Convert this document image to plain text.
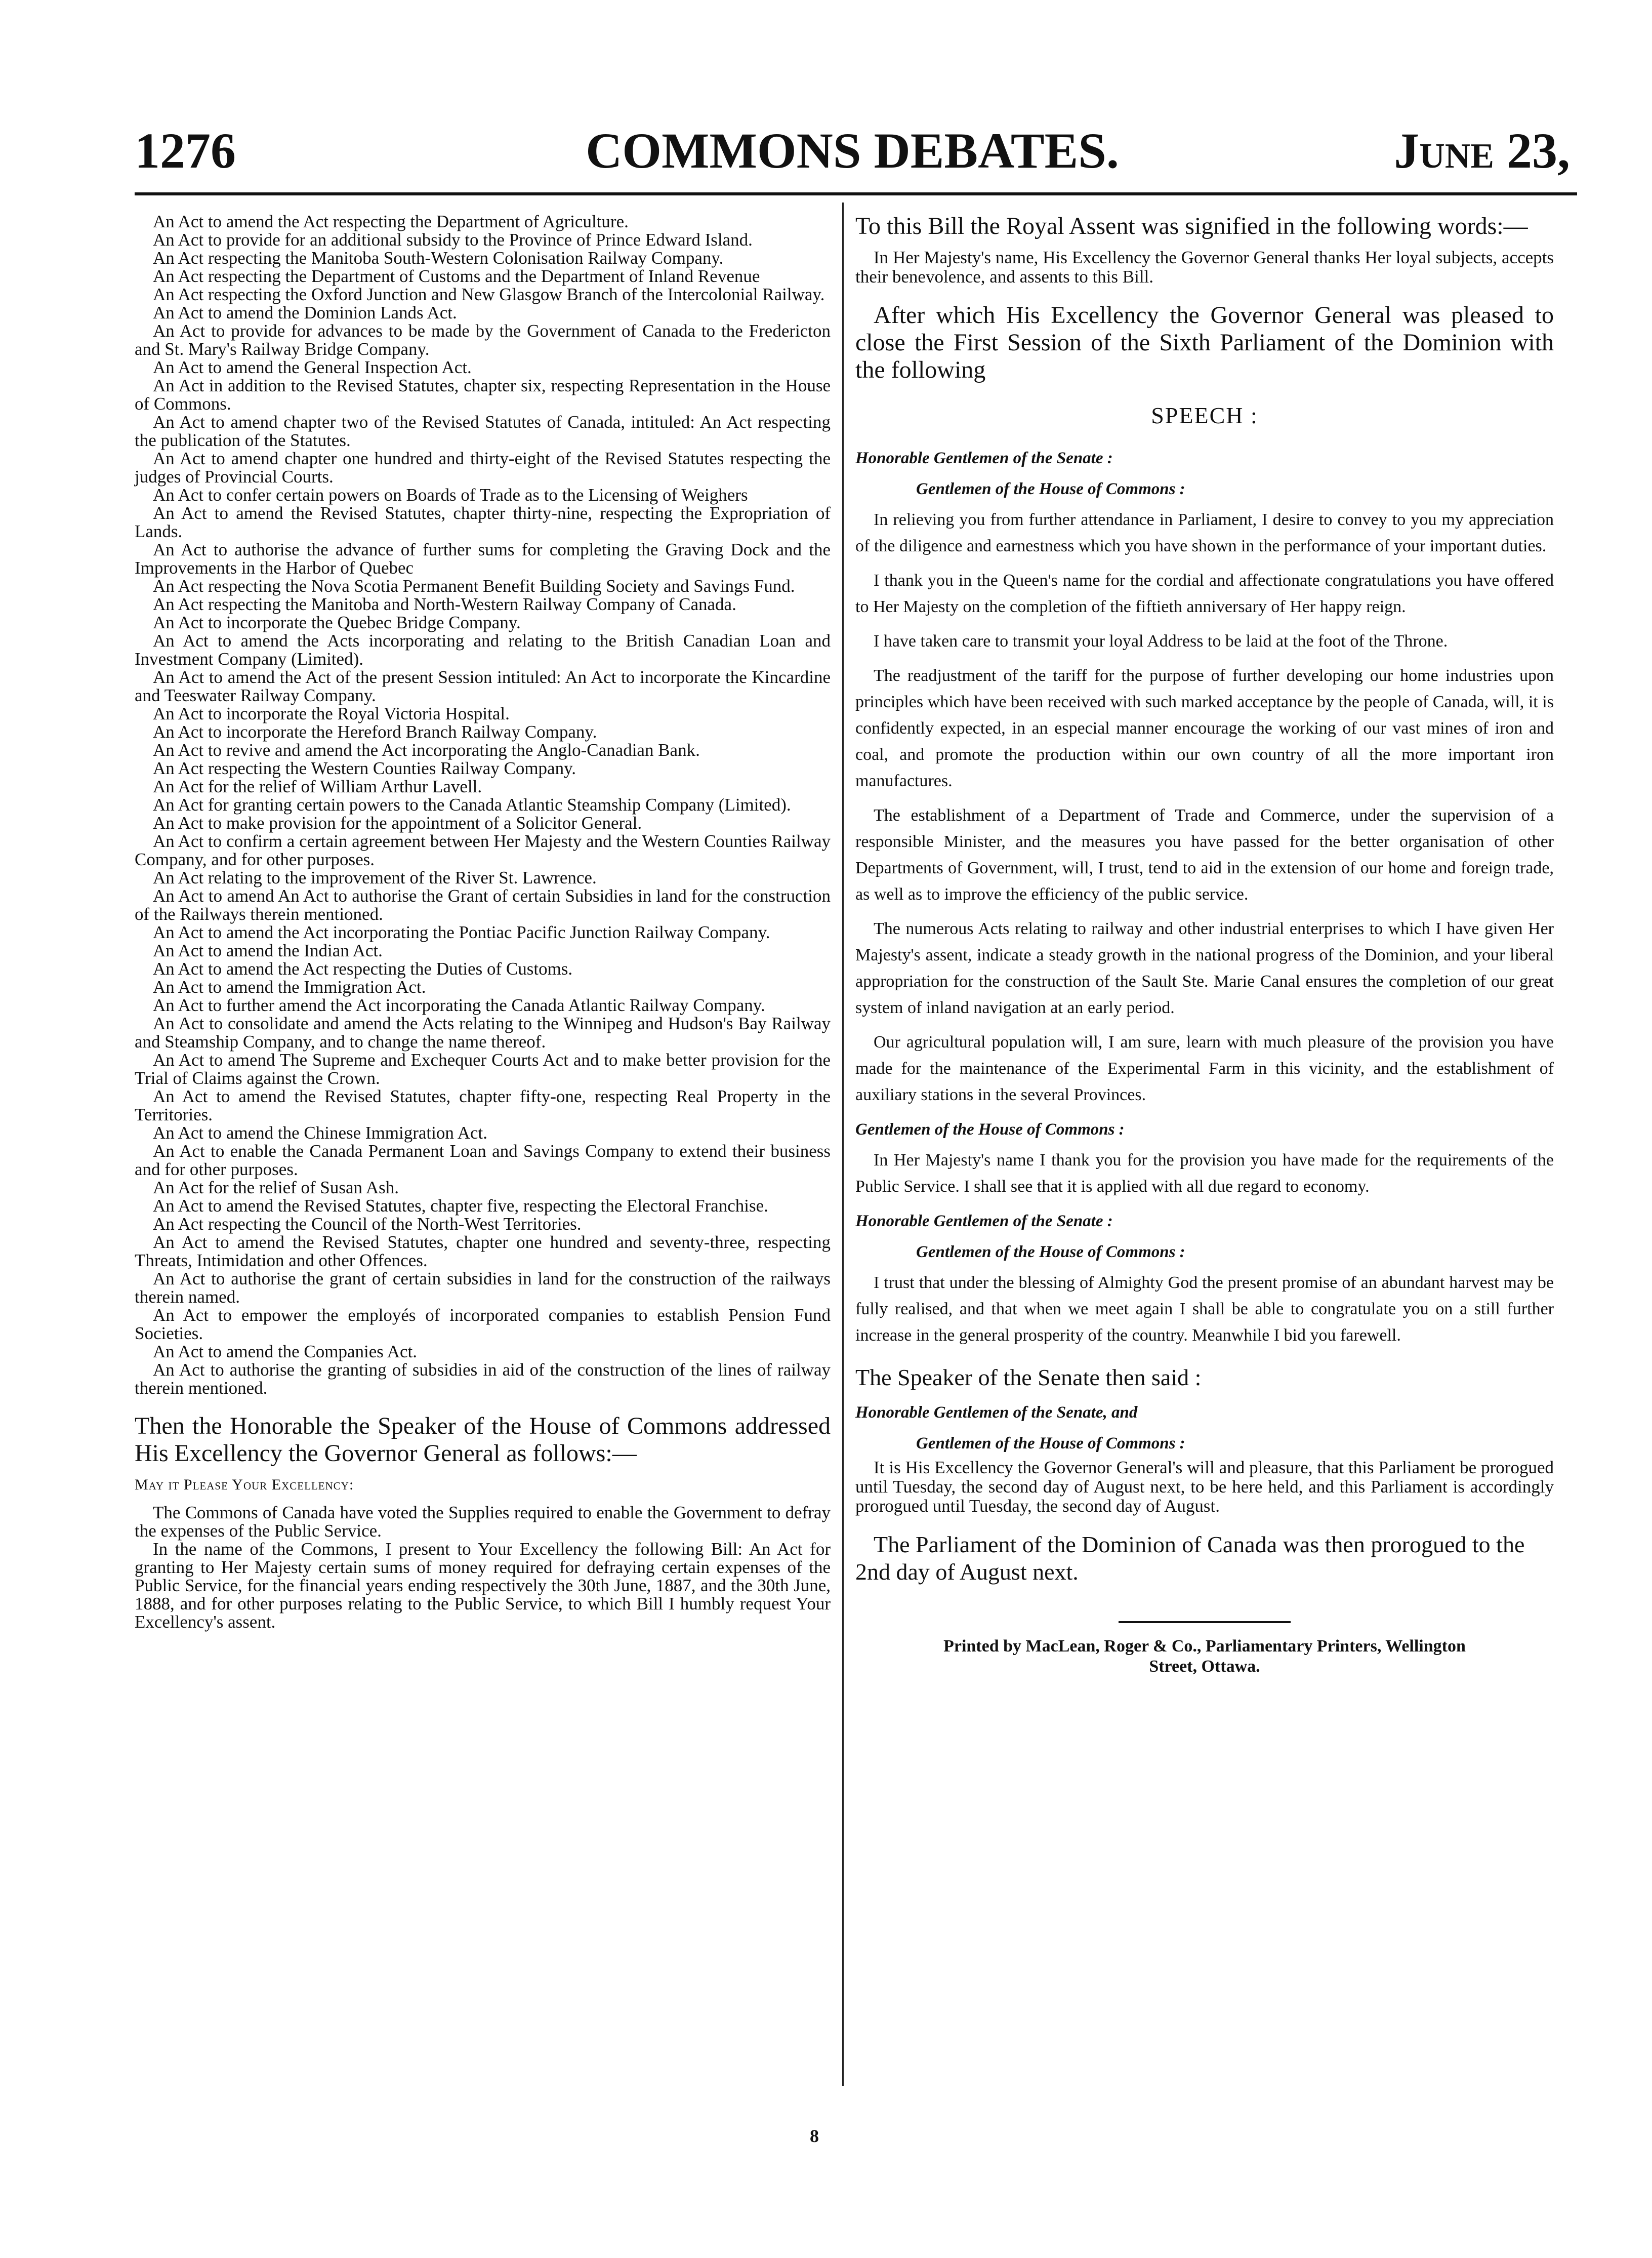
1276	COMMONS DEBATES.	June 23,

An Act to amend the Act respecting the Department of Agriculture.

An Act to provide for an additional subsidy to the Province of Prince Edward Island.

An Act respecting the Manitoba South-Western Colonisation Railway Company.

An Act respecting the Department of Customs and the Department of Inland Revenue

An Act respecting the Oxford Junction and New Glasgow Branch of the Intercolonial Railway.

An Act to amend the Dominion Lands Act.

An Act to provide for advances to be made by the Government of Canada to the Fredericton and St. Mary's Railway Bridge Company.

An Act to amend the General Inspection Act.

An Act in addition to the Revised Statutes, chapter six, respecting Representation in the House of Commons.

An Act to amend chapter two of the Revised Statutes of Canada, intituled: An Act respecting the publication of the Statutes.

An Act to amend chapter one hundred and thirty-eight of the Revised Statutes respecting the judges of Provincial Courts.

An Act to confer certain powers on Boards of Trade as to the Licensing of Weighers

An Act to amend the Revised Statutes, chapter thirty-nine, respecting the Expropriation of Lands.

An Act to authorise the advance of further sums for completing the Graving Dock and the Improvements in the Harbor of Quebec

An Act respecting the Nova Scotia Permanent Benefit Building Society and Savings Fund.

An Act respecting the Manitoba and North-Western Railway Company of Canada.

An Act to incorporate the Quebec Bridge Company.

An Act to amend the Acts incorporating and relating to the British Canadian Loan and Investment Company (Limited).

An Act to amend the Act of the present Session intituled: An Act to incorporate the Kincardine and Teeswater Railway Company.

An Act to incorporate the Royal Victoria Hospital.

An Act to incorporate the Hereford Branch Railway Company.

An Act to revive and amend the Act incorporating the Anglo-Canadian Bank.

An Act respecting the Western Counties Railway Company.

An Act for the relief of William Arthur Lavell.

An Act for granting certain powers to the Canada Atlantic Steamship Company (Limited).

An Act to make provision for the appointment of a Solicitor General.

An Act to confirm a certain agreement between Her Majesty and the Western Counties Railway Company, and for other purposes.

An Act relating to the improvement of the River St. Lawrence.

An Act to amend An Act to authorise the Grant of certain Subsidies in land for the construction of the Railways therein mentioned.

An Act to amend the Act incorporating the Pontiac Pacific Junction Railway Company.

An Act to amend the Indian Act.

An Act to amend the Act respecting the Duties of Customs.

An Act to amend the Immigration Act.

An Act to further amend the Act incorporating the Canada Atlantic Railway Company.

An Act to consolidate and amend the Acts relating to the Winnipeg and Hudson's Bay Railway and Steamship Company, and to change the name thereof.

An Act to amend The Supreme and Exchequer Courts Act and to make better provision for the Trial of Claims against the Crown.

An Act to amend the Revised Statutes, chapter fifty-one, respecting Real Property in the Territories.

An Act to amend the Chinese Immigration Act.

An Act to enable the Canada Permanent Loan and Savings Company to extend their business and for other purposes.

An Act for the relief of Susan Ash.

An Act to amend the Revised Statutes, chapter five, respecting the Electoral Franchise.

An Act respecting the Council of the North-West Territories.

An Act to amend the Revised Statutes, chapter one hundred and seventy-three, respecting Threats, Intimidation and other Offences.

An Act to authorise the grant of certain subsidies in land for the construction of the railways therein named.

An Act to empower the employés of incorporated companies to establish Pension Fund Societies.

An Act to amend the Companies Act.

An Act to authorise the granting of subsidies in aid of the construction of the lines of railway therein mentioned.

Then the Honorable the Speaker of the House of Commons addressed His Excellency the Governor General as follows:—

May it Please Your Excellency:

The Commons of Canada have voted the Supplies required to enable the Government to defray the expenses of the Public Service.

In the name of the Commons, I present to Your Excellency the following Bill: An Act for granting to Her Majesty certain sums of money required for defraying certain expenses of the Public Service, for the financial years ending respectively the 30th June, 1887, and the 30th June, 1888, and for other purposes relating to the Public Service, to which Bill I humbly request Your Excellency's assent.

To this Bill the Royal Assent was signified in the following words:—

In Her Majesty's name, His Excellency the Governor General thanks Her loyal subjects, accepts their benevolence, and assents to this Bill.

After which His Excellency the Governor General was pleased to close the First Session of the Sixth Parliament of the Dominion with the following

SPEECH :
Honorable Gentlemen of the Senate :
Gentlemen of the House of Commons :

In relieving you from further attendance in Parliament, I desire to convey to you my appreciation of the diligence and earnestness which you have shown in the performance of your important duties.

I thank you in the Queen's name for the cordial and affectionate congratulations you have offered to Her Majesty on the completion of the fiftieth anniversary of Her happy reign.

I have taken care to transmit your loyal Address to be laid at the foot of the Throne.

The readjustment of the tariff for the purpose of further developing our home industries upon principles which have been received with such marked acceptance by the people of Canada, will, it is confidently expected, in an especial manner encourage the working of our vast mines of iron and coal, and promote the production within our own country of all the more important iron manufactures.

The establishment of a Department of Trade and Commerce, under the supervision of a responsible Minister, and the measures you have passed for the better organisation of other Departments of Government, will, I trust, tend to aid in the extension of our home and foreign trade, as well as to improve the efficiency of the public service.

The numerous Acts relating to railway and other industrial enterprises to which I have given Her Majesty's assent, indicate a steady growth in the national progress of the Dominion, and your liberal appropriation for the construction of the Sault Ste. Marie Canal ensures the completion of our great system of inland navigation at an early period.

Our agricultural population will, I am sure, learn with much pleasure of the provision you have made for the maintenance of the Experimental Farm in this vicinity, and the establishment of auxiliary stations in the several Provinces.

Gentlemen of the House of Commons :

In Her Majesty's name I thank you for the provision you have made for the requirements of the Public Service. I shall see that it is applied with all due regard to economy.

Honorable Gentlemen of the Senate :
Gentlemen of the House of Commons :

I trust that under the blessing of Almighty God the present promise of an abundant harvest may be fully realised, and that when we meet again I shall be able to congratulate you on a still further increase in the general prosperity of the country. Meanwhile I bid you farewell.

The Speaker of the Senate then said :

Honorable Gentlemen of the Senate, and
Gentlemen of the House of Commons :

It is His Excellency the Governor General's will and pleasure, that this Parliament be prorogued until Tuesday, the second day of August next, to be here held, and this Parliament is accordingly prorogued until Tuesday, the second day of August.

The Parliament of the Dominion of Canada was then prorogued to the 2nd day of August next.

Printed by MacLean, Roger & Co., Parliamentary Printers, Wellington
Street, Ottawa.
8
